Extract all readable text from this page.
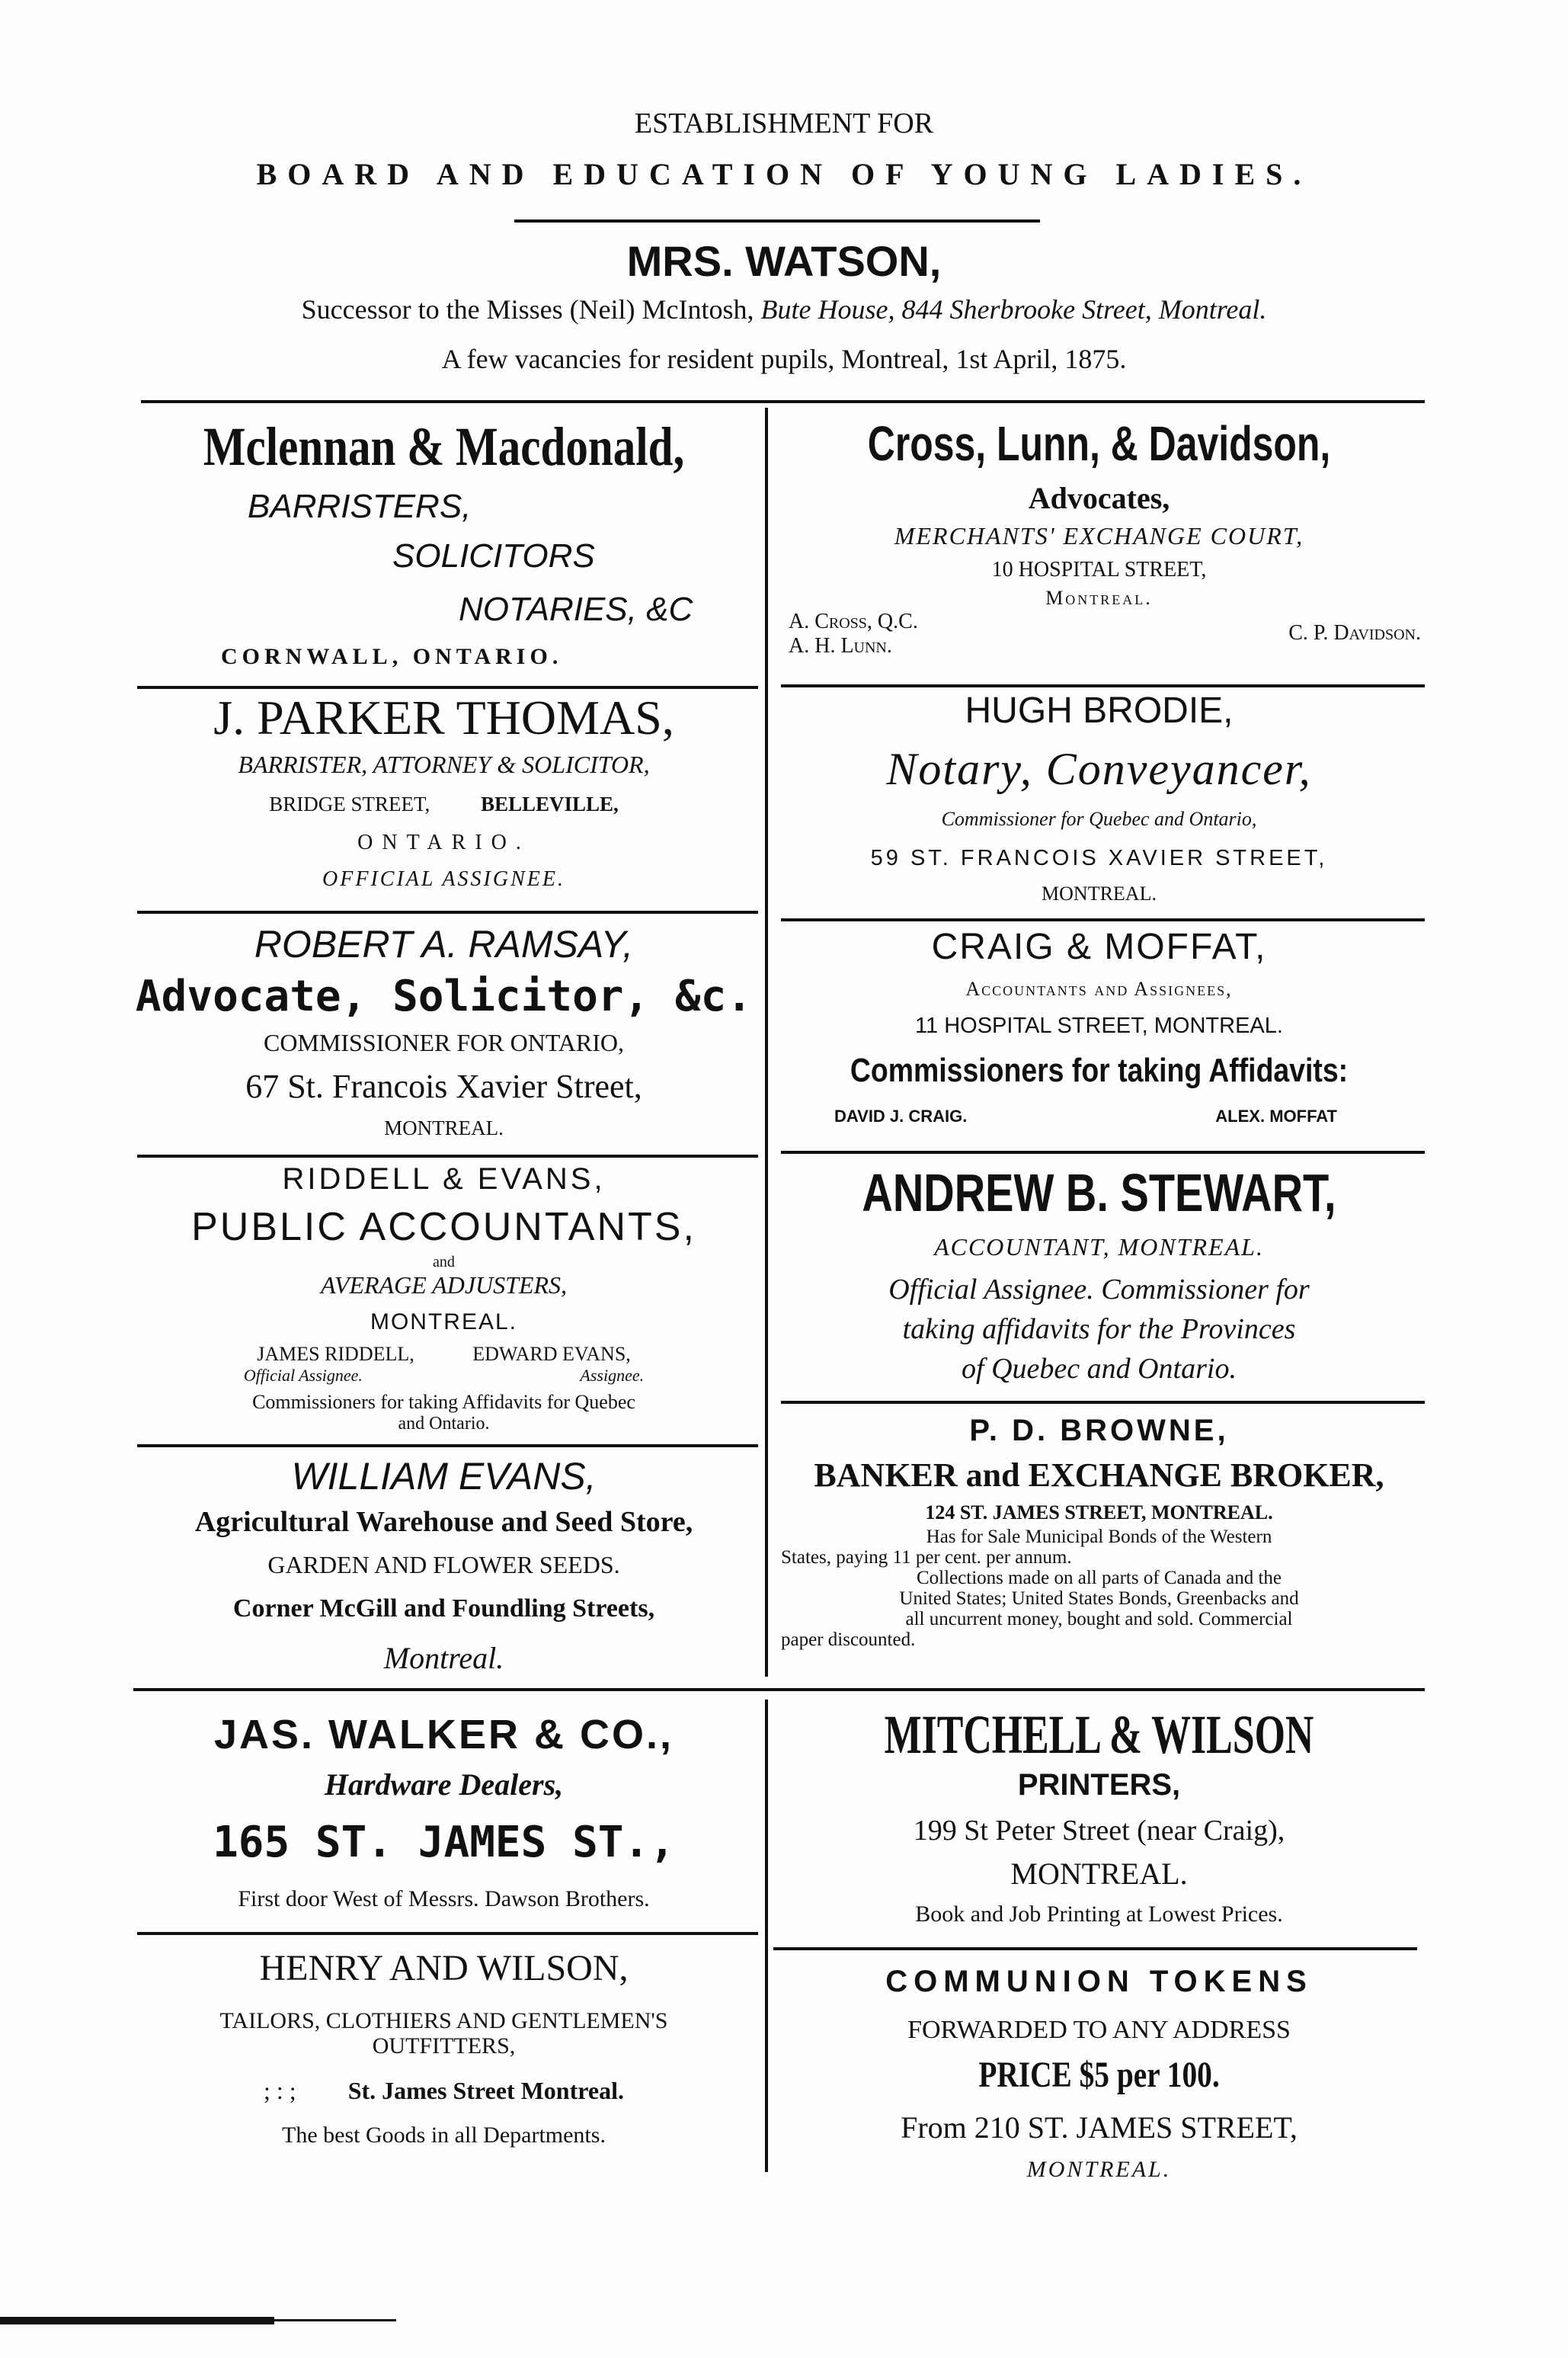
ESTABLISHMENT FOR
BOARD AND EDUCATION OF YOUNG LADIES.
MRS. WATSON,
Successor to the Misses (Neil) McIntosh, Bute House, 844 Sherbrooke Street, Montreal.
A few vacancies for resident pupils, Montreal, 1st April, 1875.
Mclennan & Macdonald,
BARRISTERS,
SOLICITORS
NOTARIES, &C
CORNWALL, ONTARIO.
J. PARKER THOMAS,
BARRISTER, ATTORNEY & SOLICITOR,
BRIDGE STREET, BELLEVILLE,
ONTARIO.
OFFICIAL ASSIGNEE.
ROBERT A. RAMSAY,
Advocate, Solicitor, &c.
COMMISSIONER FOR ONTARIO,
67 St. Francois Xavier Street,
MONTREAL.
RIDDELL & EVANS,
PUBLIC ACCOUNTANTS,
and
AVERAGE ADJUSTERS,
MONTREAL.
JAMES RIDDELL,	EDWARD EVANS,
Official Assignee.	Assignee.
Commissioners for taking Affidavits for Quebec
and Ontario.
WILLIAM EVANS,
Agricultural Warehouse and Seed Store,
GARDEN AND FLOWER SEEDS.
Corner McGill and Foundling Streets,
Montreal.
Cross, Lunn, & Davidson,
Advocates,
MERCHANTS' EXCHANGE COURT,
10 HOSPITAL STREET,
Montreal.
A. Cross, Q.C.	C. P. Davidson.
A. H. Lunn.
HUGH BRODIE,
Notary, Conveyancer,
Commissioner for Quebec and Ontario,
59 ST. FRANCOIS XAVIER STREET,
MONTREAL.
CRAIG & MOFFAT,
Accountants and Assignees,
11 HOSPITAL STREET, MONTREAL.
Commissioners for taking Affidavits:
DAVID J. CRAIG.	ALEX. MOFFAT
ANDREW B. STEWART,
ACCOUNTANT, MONTREAL.
Official Assignee. Commissioner for
taking affidavits for the Provinces
of Quebec and Ontario.
P. D. BROWNE,
BANKER and EXCHANGE BROKER,
124 ST. JAMES STREET, MONTREAL.
Has for Sale Municipal Bonds of the Western
States, paying 11 per cent. per annum.
Collections made on all parts of Canada and the
United States; United States Bonds, Greenbacks and
all uncurrent money, bought and sold. Commercial
paper discounted.
JAS. WALKER & CO.,
Hardware Dealers,
165 ST. JAMES ST.,
First door West of Messrs. Dawson Brothers.
HENRY AND WILSON,
TAILORS, CLOTHIERS AND GENTLEMEN'S
OUTFITTERS,
; : ; St. James Street Montreal.
The best Goods in all Departments.
MITCHELL & WILSON
PRINTERS,
199 St Peter Street (near Craig),
MONTREAL.
Book and Job Printing at Lowest Prices.
COMMUNION TOKENS
FORWARDED TO ANY ADDRESS
PRICE $5 per 100.
From 210 ST. JAMES STREET,
MONTREAL.
